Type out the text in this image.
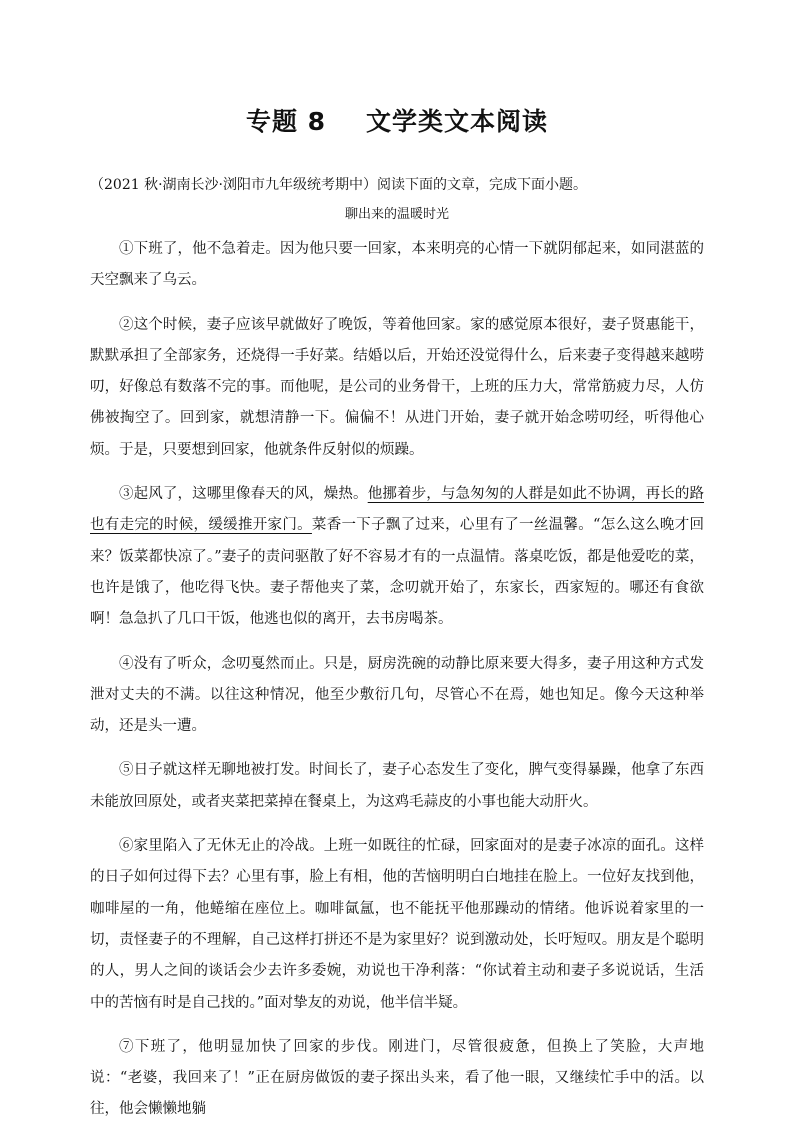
专题 8 文学类文本阅读
（2021 秋·湖南长沙·浏阳市九年级统考期中）阅读下面的文章，完成下面小题。
聊出来的温暖时光

①下班了，他不急着走。因为他只要一回家，本来明亮的心情一下就阴郁起来，如同湛蓝的天空飘来了乌云。

②这个时候，妻子应该早就做好了晚饭，等着他回家。家的感觉原本很好，妻子贤惠能干，默默承担了全部家务，还烧得一手好菜。结婚以后，开始还没觉得什么，后来妻子变得越来越唠叨，好像总有数落不完的事。而他呢，是公司的业务骨干，上班的压力大，常常筋疲力尽，人仿佛被掏空了。回到家，就想清静一下。偏偏不！从进门开始，妻子就开始念唠叨经，听得他心烦。于是，只要想到回家，他就条件反射似的烦躁。

③起风了，这哪里像春天的风，燥热。他挪着步，与急匆匆的人群是如此不协调，再长的路也有走完的时候，缓缓推开家门。菜香一下子飘了过来，心里有了一丝温馨。“怎么这么晚才回来？饭菜都快凉了。”妻子的责问驱散了好不容易才有的一点温情。落桌吃饭，都是他爱吃的菜，也许是饿了，他吃得飞快。妻子帮他夹了菜，念叨就开始了，东家长，西家短的。哪还有食欲啊！急急扒了几口干饭，他逃也似的离开，去书房喝茶。

④没有了听众，念叨戛然而止。只是，厨房洗碗的动静比原来要大得多，妻子用这种方式发泄对丈夫的不满。以往这种情况，他至少敷衍几句，尽管心不在焉，她也知足。像今天这种举动，还是头一遭。

⑤日子就这样无聊地被打发。时间长了，妻子心态发生了变化，脾气变得暴躁，他拿了东西未能放回原处，或者夹菜把菜掉在餐桌上，为这鸡毛蒜皮的小事也能大动肝火。

⑥家里陷入了无休无止的冷战。上班一如既往的忙碌，回家面对的是妻子冰凉的面孔。这样的日子如何过得下去？心里有事，脸上有相，他的苦恼明明白白地挂在脸上。一位好友找到他，咖啡屋的一角，他蜷缩在座位上。咖啡氤氲，也不能抚平他那躁动的情绪。他诉说着家里的一切，责怪妻子的不理解，自己这样打拼还不是为家里好？说到激动处，长吁短叹。朋友是个聪明的人，男人之间的谈话会少去许多委婉，劝说也干净利落：“你试着主动和妻子多说说话，生活中的苦恼有时是自己找的。”面对挚友的劝说，他半信半疑。

⑦下班了，他明显加快了回家的步伐。刚进门，尽管很疲惫，但换上了笑脸，大声地说：“老婆，我回来了！”正在厨房做饭的妻子探出头来，看了他一眼，又继续忙手中的活。以往，他会懒懒地躺
